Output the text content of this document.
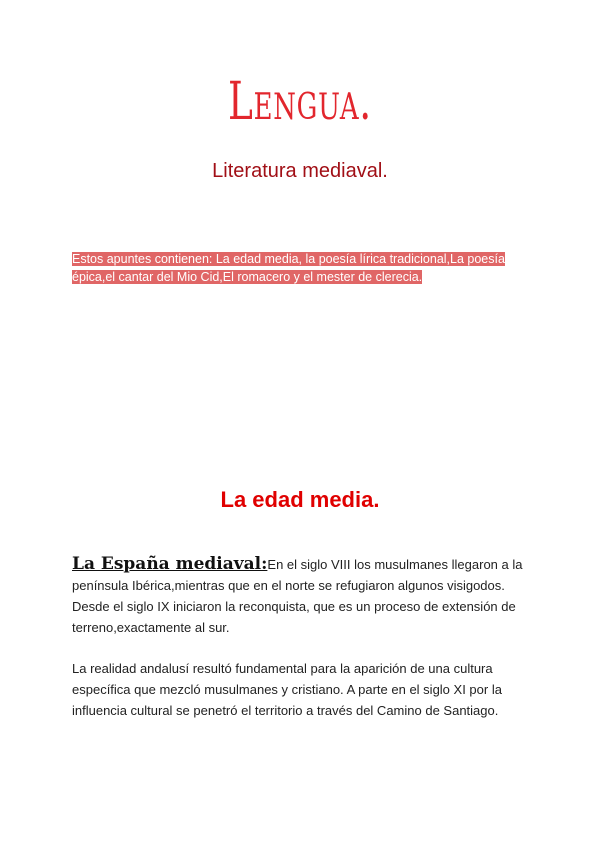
Lengua.
Literatura mediaval.
Estos apuntes contienen: La edad media, la poesía lírica tradicional,La poesía épica,el cantar del Mio Cid,El romacero y el mester de clerecia.
La edad media.
La España mediaval:En el siglo VIII los musulmanes llegaron a la península Ibérica,mientras que en el norte se refugiaron algunos visigodos. Desde el siglo IX iniciaron la reconquista, que es un proceso de extensión de terreno,exactamente al sur.
La realidad andalusí resultó fundamental para la aparición de una cultura específica que mezcló musulmanes y cristiano. A parte en el siglo XI por la influencia cultural se penetró el territorio a través del Camino de Santiago.
